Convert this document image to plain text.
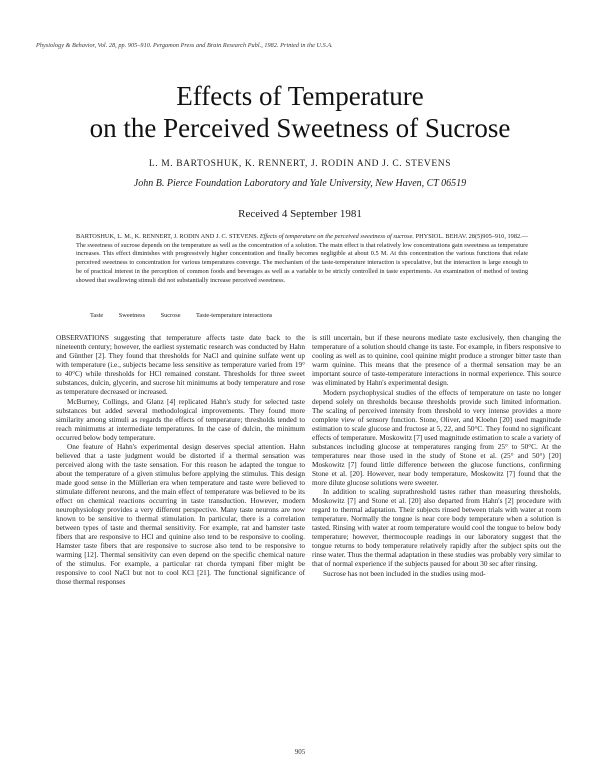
Physiology & Behavior, Vol. 28, pp. 905–910. Pergamon Press and Brain Research Publ., 1982. Printed in the U.S.A.
Effects of Temperature
on the Perceived Sweetness of Sucrose
L. M. BARTOSHUK, K. RENNERT, J. RODIN AND J. C. STEVENS
John B. Pierce Foundation Laboratory and Yale University, New Haven, CT 06519
Received 4 September 1981
BARTOSHUK, L. M., K. RENNERT, J. RODIN AND J. C. STEVENS. Effects of temperature on the perceived sweetness of sucrose. PHYSIOL. BEHAV. 28(5)905–910, 1982.— The sweetness of sucrose depends on the temperature as well as the concentration of a solution. The main effect is that relatively low concentrations gain sweetness as temperature increases. This effect diminishes with progressively higher concentration and finally becomes negligible at about 0.5 M. At this concentration the various functions that relate perceived sweetness to concentration for various temperatures converge. The mechanism of the taste-temperature interaction is speculative, but the interaction is large enough to be of practical interest in the perception of common foods and beverages as well as a variable to be strictly controlled in taste experiments. An examination of method of testing showed that swallowing stimuli did not substantially increase perceived sweetness.
Taste Sweetness Sucrose Taste-temperature interactions

OBSERVATIONS suggesting that temperature affects taste date back to the nineteenth century; however, the earliest systematic research was conducted by Hahn and Günther [2]. They found that thresholds for NaCl and quinine sulfate went up with temperature (i.e., subjects became less sensitive as temperature varied from 19° to 40°C) while thresholds for HCl remained constant. Thresholds for three sweet substances, dulcin, glycerin, and sucrose hit minimums at body temperature and rose as temperature decreased or increased.

McBurney, Collings, and Glanz [4] replicated Hahn's study for selected taste substances but added several methodological improvements. They found more similarity among stimuli as regards the effects of temperature; thresholds tended to reach minimums at intermediate temperatures. In the case of dulcin, the minimum occurred below body temperature.

One feature of Hahn's experimental design deserves special attention. Hahn believed that a taste judgment would be distorted if a thermal sensation was perceived along with the taste sensation. For this reason he adapted the tongue to about the temperature of a given stimulus before applying the stimulus. This design made good sense in the Müllerian era when temperature and taste were believed to stimulate different neurons, and the main effect of temperature was believed to be its effect on chemical reactions occurring in taste transduction. However, modern neurophysiology provides a very different perspective. Many taste neurons are now known to be sensitive to thermal stimulation. In particular, there is a correlation between types of taste and thermal sensitivity. For example, rat and hamster taste fibers that are responsive to HCl and quinine also tend to be responsive to cooling. Hamster taste fibers that are responsive to sucrose also tend to be responsive to warming [12]. Thermal sensitivity can even depend on the specific chemical nature of the stimulus. For example, a particular rat chorda tympani fiber might be responsive to cool NaCl but not to cool KCl [21]. The functional significance of those thermal responses

is still uncertain, but if these neurons mediate taste exclusively, then changing the temperature of a solution should change its taste. For example, in fibers responsive to cooling as well as to quinine, cool quinine might produce a stronger bitter taste than warm quinine. This means that the presence of a thermal sensation may be an important source of taste-temperature interactions in normal experience. This source was eliminated by Hahn's experimental design.

Modern psychophysical studies of the effects of temperature on taste no longer depend solely on thresholds because thresholds provide such limited information. The scaling of perceived intensity from threshold to very intense provides a more complete view of sensory function. Stone, Oliver, and Kloehn [20] used magnitude estimation to scale glucose and fructose at 5, 22, and 50°C. They found no significant effects of temperature. Moskowitz [7] used magnitude estimation to scale a variety of substances including glucose at temperatures ranging from 25° to 50°C. At the temperatures near those used in the study of Stone et al. (25° and 50°) [20] Moskowitz [7] found little difference between the glucose functions, confirming Stone et al. [20]. However, near body temperature, Moskowitz [7] found that the more dilute glucose solutions were sweeter.

In addition to scaling suprathreshold tastes rather than measuring thresholds, Moskowitz [7] and Stone et al. [20] also departed from Hahn's [2] procedure with regard to thermal adaptation. Their subjects rinsed between trials with water at room temperature. Normally the tongue is near core body temperature when a solution is tasted. Rinsing with water at room temperature would cool the tongue to below body temperature; however, thermocouple readings in our laboratory suggest that the tongue returns to body temperature relatively rapidly after the subject spits out the rinse water. Thus the thermal adaptation in these studies was probably very similar to that of normal experience if the subjects paused for about 30 sec after rinsing.

Sucrose has not been included in the studies using mod-

905
